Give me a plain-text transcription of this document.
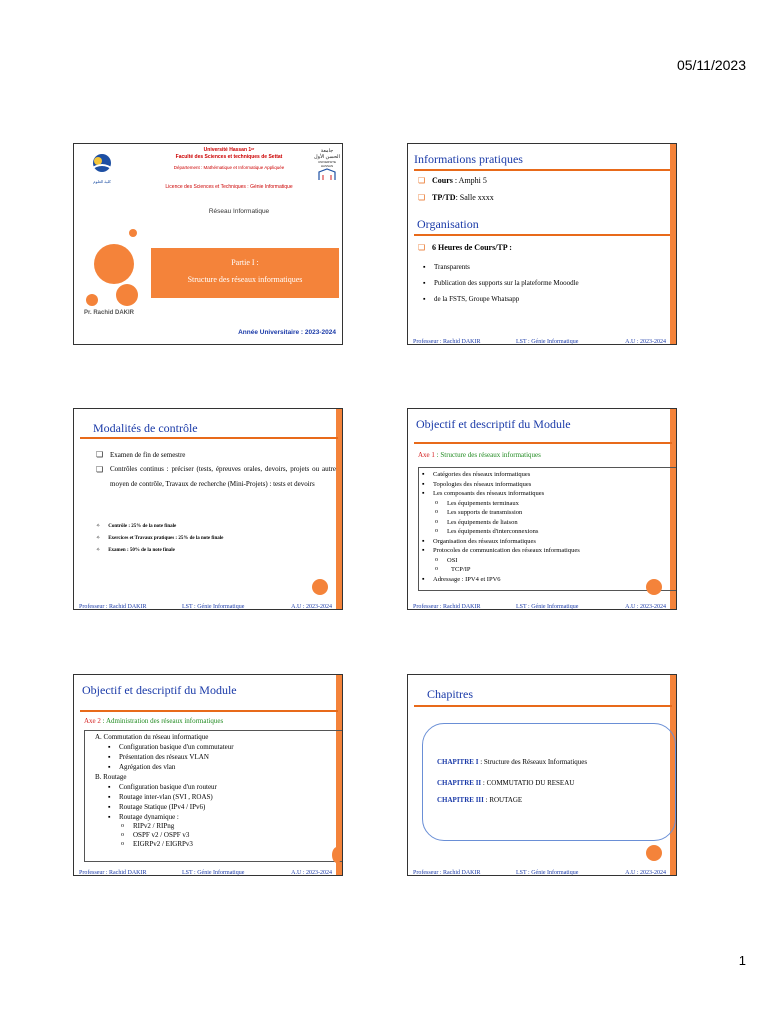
05/11/2023
كلية العلوم
Université Hassan 1ᵉʳ
Faculté des Sciences et techniques de Settat
Département : Mathématique et Informatique Appliquée
جامعة الحسن الأول
UNIVERSITE HASSAN
Licence des Sciences et Techniques : Génie Informatique
Réseau Informatique
Partie I :
Structure des réseaux informatiques
Pr. Rachid DAKIR
Année Universitaire : 2023-2024
Informations pratiques
❏ Cours : Amphi 5
❏ TP/TD: Salle xxxx
Organisation
❏ 6 Heures de Cours/TP :
▪ Transparents
▪ Publication des supports sur la plateforme Mooodle
▪ de la FSTS, Groupe Whatsapp
Professeur : Rachid DAKIR	LST : Génie Informatique	A.U : 2023-2024
Modalités de contrôle
❏ Examen de fin de semestre
❏ Contrôles continus : préciser (tests, épreuves orales, devoirs, projets ou autre moyen de contrôle, Travaux de recherche (Mini-Projets) : tests et devoirs
✧ Contrôle : 25% de la note finale
✧ Exercices et Travaux pratiques : 25% de la note finale
✧ Examen : 50% de la note finale
Professeur : Rachid DAKIR	LST : Génie Informatique	A.U : 2023-2024
Objectif et descriptif du Module
Axe 1 : Structure des réseaux informatiques
▪ Catégories des réseaux informatiques
▪ Topologies des réseaux informatiques
▪ Les composants des réseaux informatiques
o Les équipements terminaux
o Les supports de transmission
o Les équipements de liaison
o Les équipements d'interconnexions
▪ Organisation des réseaux informatiques
▪ Protocoles de communication des réseaux informatiques
o OSI
o TCP/IP
▪ Adressage : IPV4 et IPV6
Professeur : Rachid DAKIR	LST : Génie Informatique	A.U : 2023-2024
Objectif et descriptif du Module
Axe 2 : Administration des réseaux informatiques
A. Commutation du réseau informatique
▪ Configuration basique d'un commutateur
▪ Présentation des réseaux VLAN
▪ Agrégation des vlan
B. Routage
▪ Configuration basique d'un routeur
▪ Routage inter-vlan (SVI , ROAS)
▪ Routage Statique (IPv4 / IPv6)
▪ Routage dynamique :
o RIPv2 / RIPng
o OSPF v2 / OSPF v3
o EIGRPv2 / EIGRPv3
Professeur : Rachid DAKIR	LST : Génie Informatique	A.U : 2023-2024
Chapitres
CHAPITRE I : Structure des Réseaux Informatiques
CHAPITRE II : COMMUTATIO DU RESEAU
CHAPITRE III : ROUTAGE
Professeur : Rachid DAKIR	LST : Génie Informatique	A.U : 2023-2024
1
